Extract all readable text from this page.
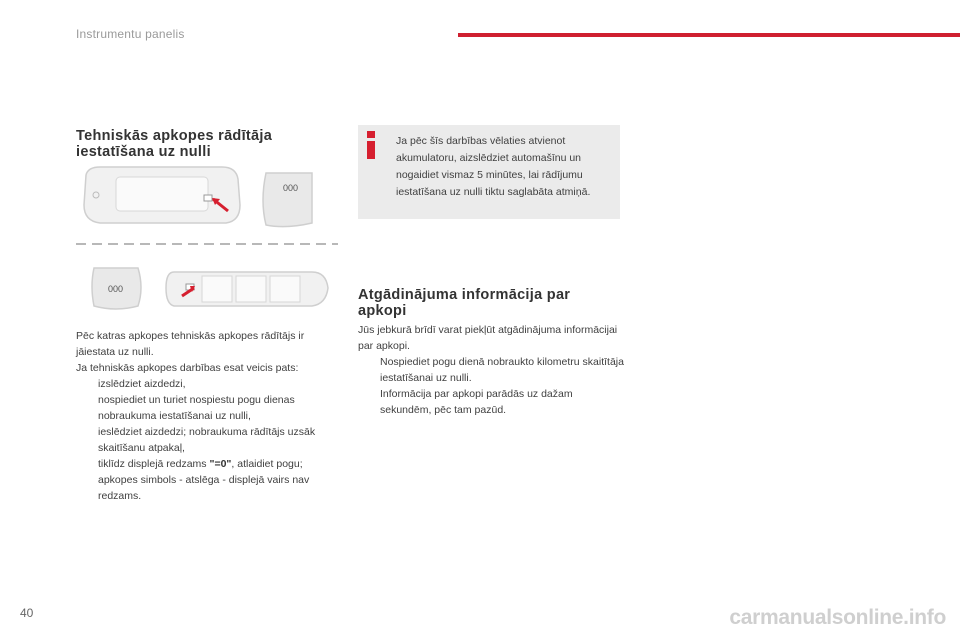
Instrumentu panelis
Tehniskās apkopes rādītāja
iestatīšana uz nulli
000
000

Pēc katras apkopes tehniskās apkopes rādītājs ir jāiestata uz nulli.

Ja tehniskās apkopes darbības esat veicis pats:

izslēdziet aizdedzi,

nospiediet un turiet nospiestu pogu dienas nobraukuma iestatīšanai uz nulli,

ieslēdziet aizdedzi; nobraukuma rādītājs uzsāk skaitīšanu atpakaļ,

tiklīdz displejā redzams "=0", atlaidiet pogu; apkopes simbols - atslēga - displejā vairs nav redzams.

Ja pēc šīs darbības vēlaties atvienot akumulatoru, aizslēdziet automašīnu un nogaidiet vismaz 5 minūtes, lai rādījumu iestatīšana uz nulli tiktu saglabāta atmiņā.
Atgādinājuma informācija par
apkopi

Jūs jebkurā brīdī varat piekļūt atgādinājuma informācijai par apkopi.

Nospiediet pogu dienā nobraukto kilometru skaitītāja iestatīšanai uz nulli.

Informācija par apkopi parādās uz dažam sekundēm, pēc tam pazūd.

40	carmanualsonline.info
